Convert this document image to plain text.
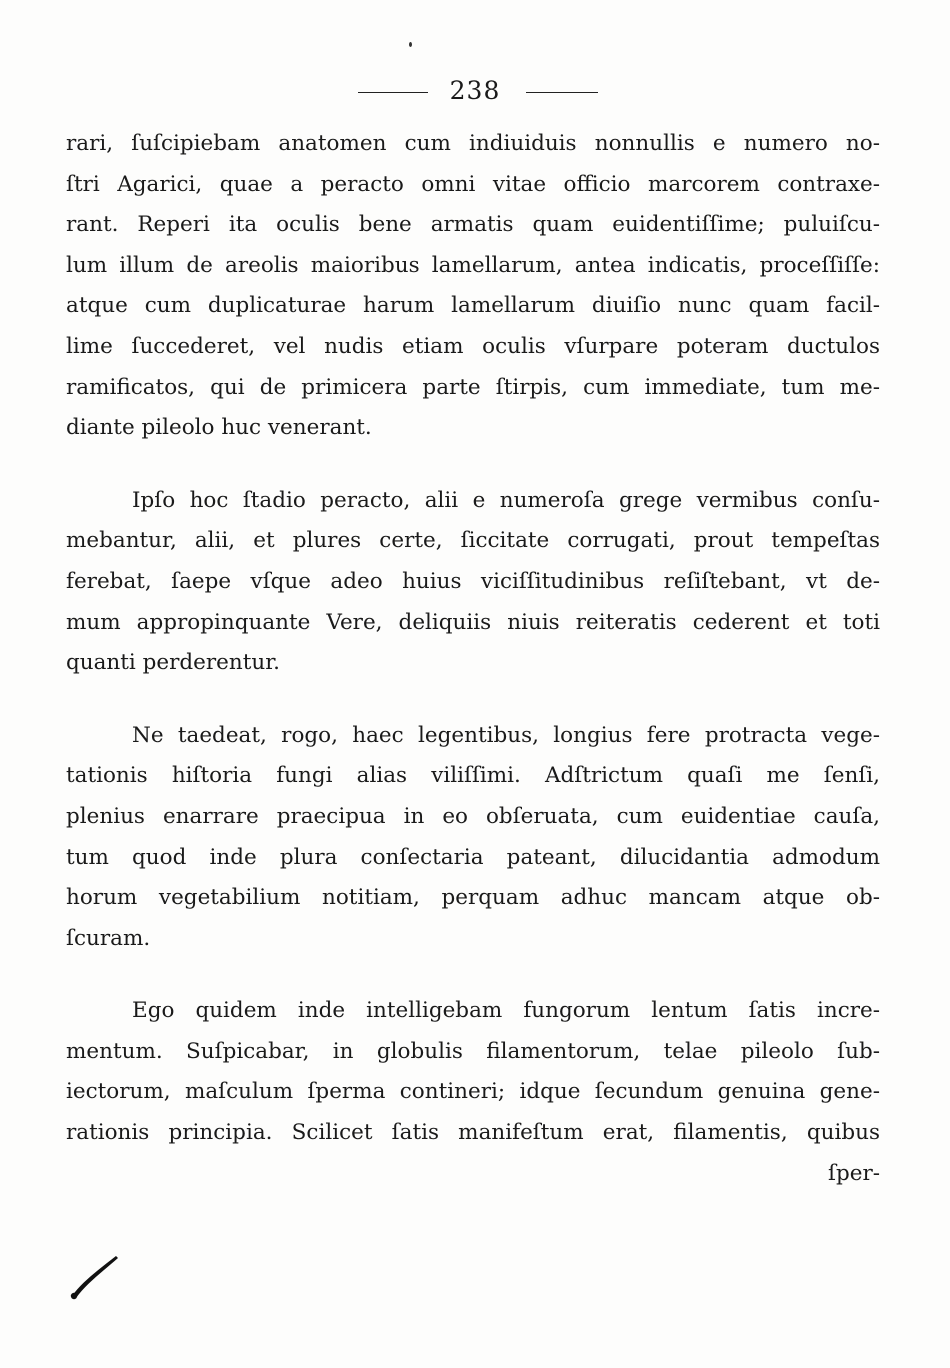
238
rari, ſuſcipiebam anatomen cum indiuiduis nonnullis e numero no-
ſtri Agarici, quae a peracto omni vitae officio marcorem contraxe-
rant. Reperi ita oculis bene armatis quam euidentiſſime; puluiſcu-
lum illum de areolis maioribus lamellarum, antea indicatis, proceſſiſſe:
atque cum duplicaturae harum lamellarum diuiſio nunc quam facil-
lime ſuccederet, vel nudis etiam oculis vſurpare poteram ductulos
ramificatos, qui de primicera parte ſtirpis, cum immediate, tum me-
diante pileolo huc venerant.
Ipſo hoc ſtadio peracto, alii e numeroſa grege vermibus conſu-
mebantur, alii, et plures certe, ſiccitate corrugati, prout tempeſtas
ferebat, ſaepe vſque adeo huius viciſſitudinibus reſiſtebant, vt de-
mum appropinquante Vere, deliquiis niuis reiteratis cederent et toti
quanti perderentur.
Ne taedeat, rogo, haec legentibus, longius fere protracta vege-
tationis hiſtoria fungi alias viliſſimi. Adſtrictum quaſi me ſenſi,
plenius enarrare praecipua in eo obſeruata, cum euidentiae cauſa,
tum quod inde plura conſectaria pateant, dilucidantia admodum
horum vegetabilium notitiam, perquam adhuc mancam atque ob-
ſcuram.
Ego quidem inde intelligebam fungorum lentum ſatis incre-
mentum. Suſpicabar, in globulis filamentorum, telae pileolo ſub-
iectorum, maſculum ſperma contineri; idque ſecundum genuina gene-
rationis principia. Scilicet ſatis manifeſtum erat, filamentis, quibus
ſper-
